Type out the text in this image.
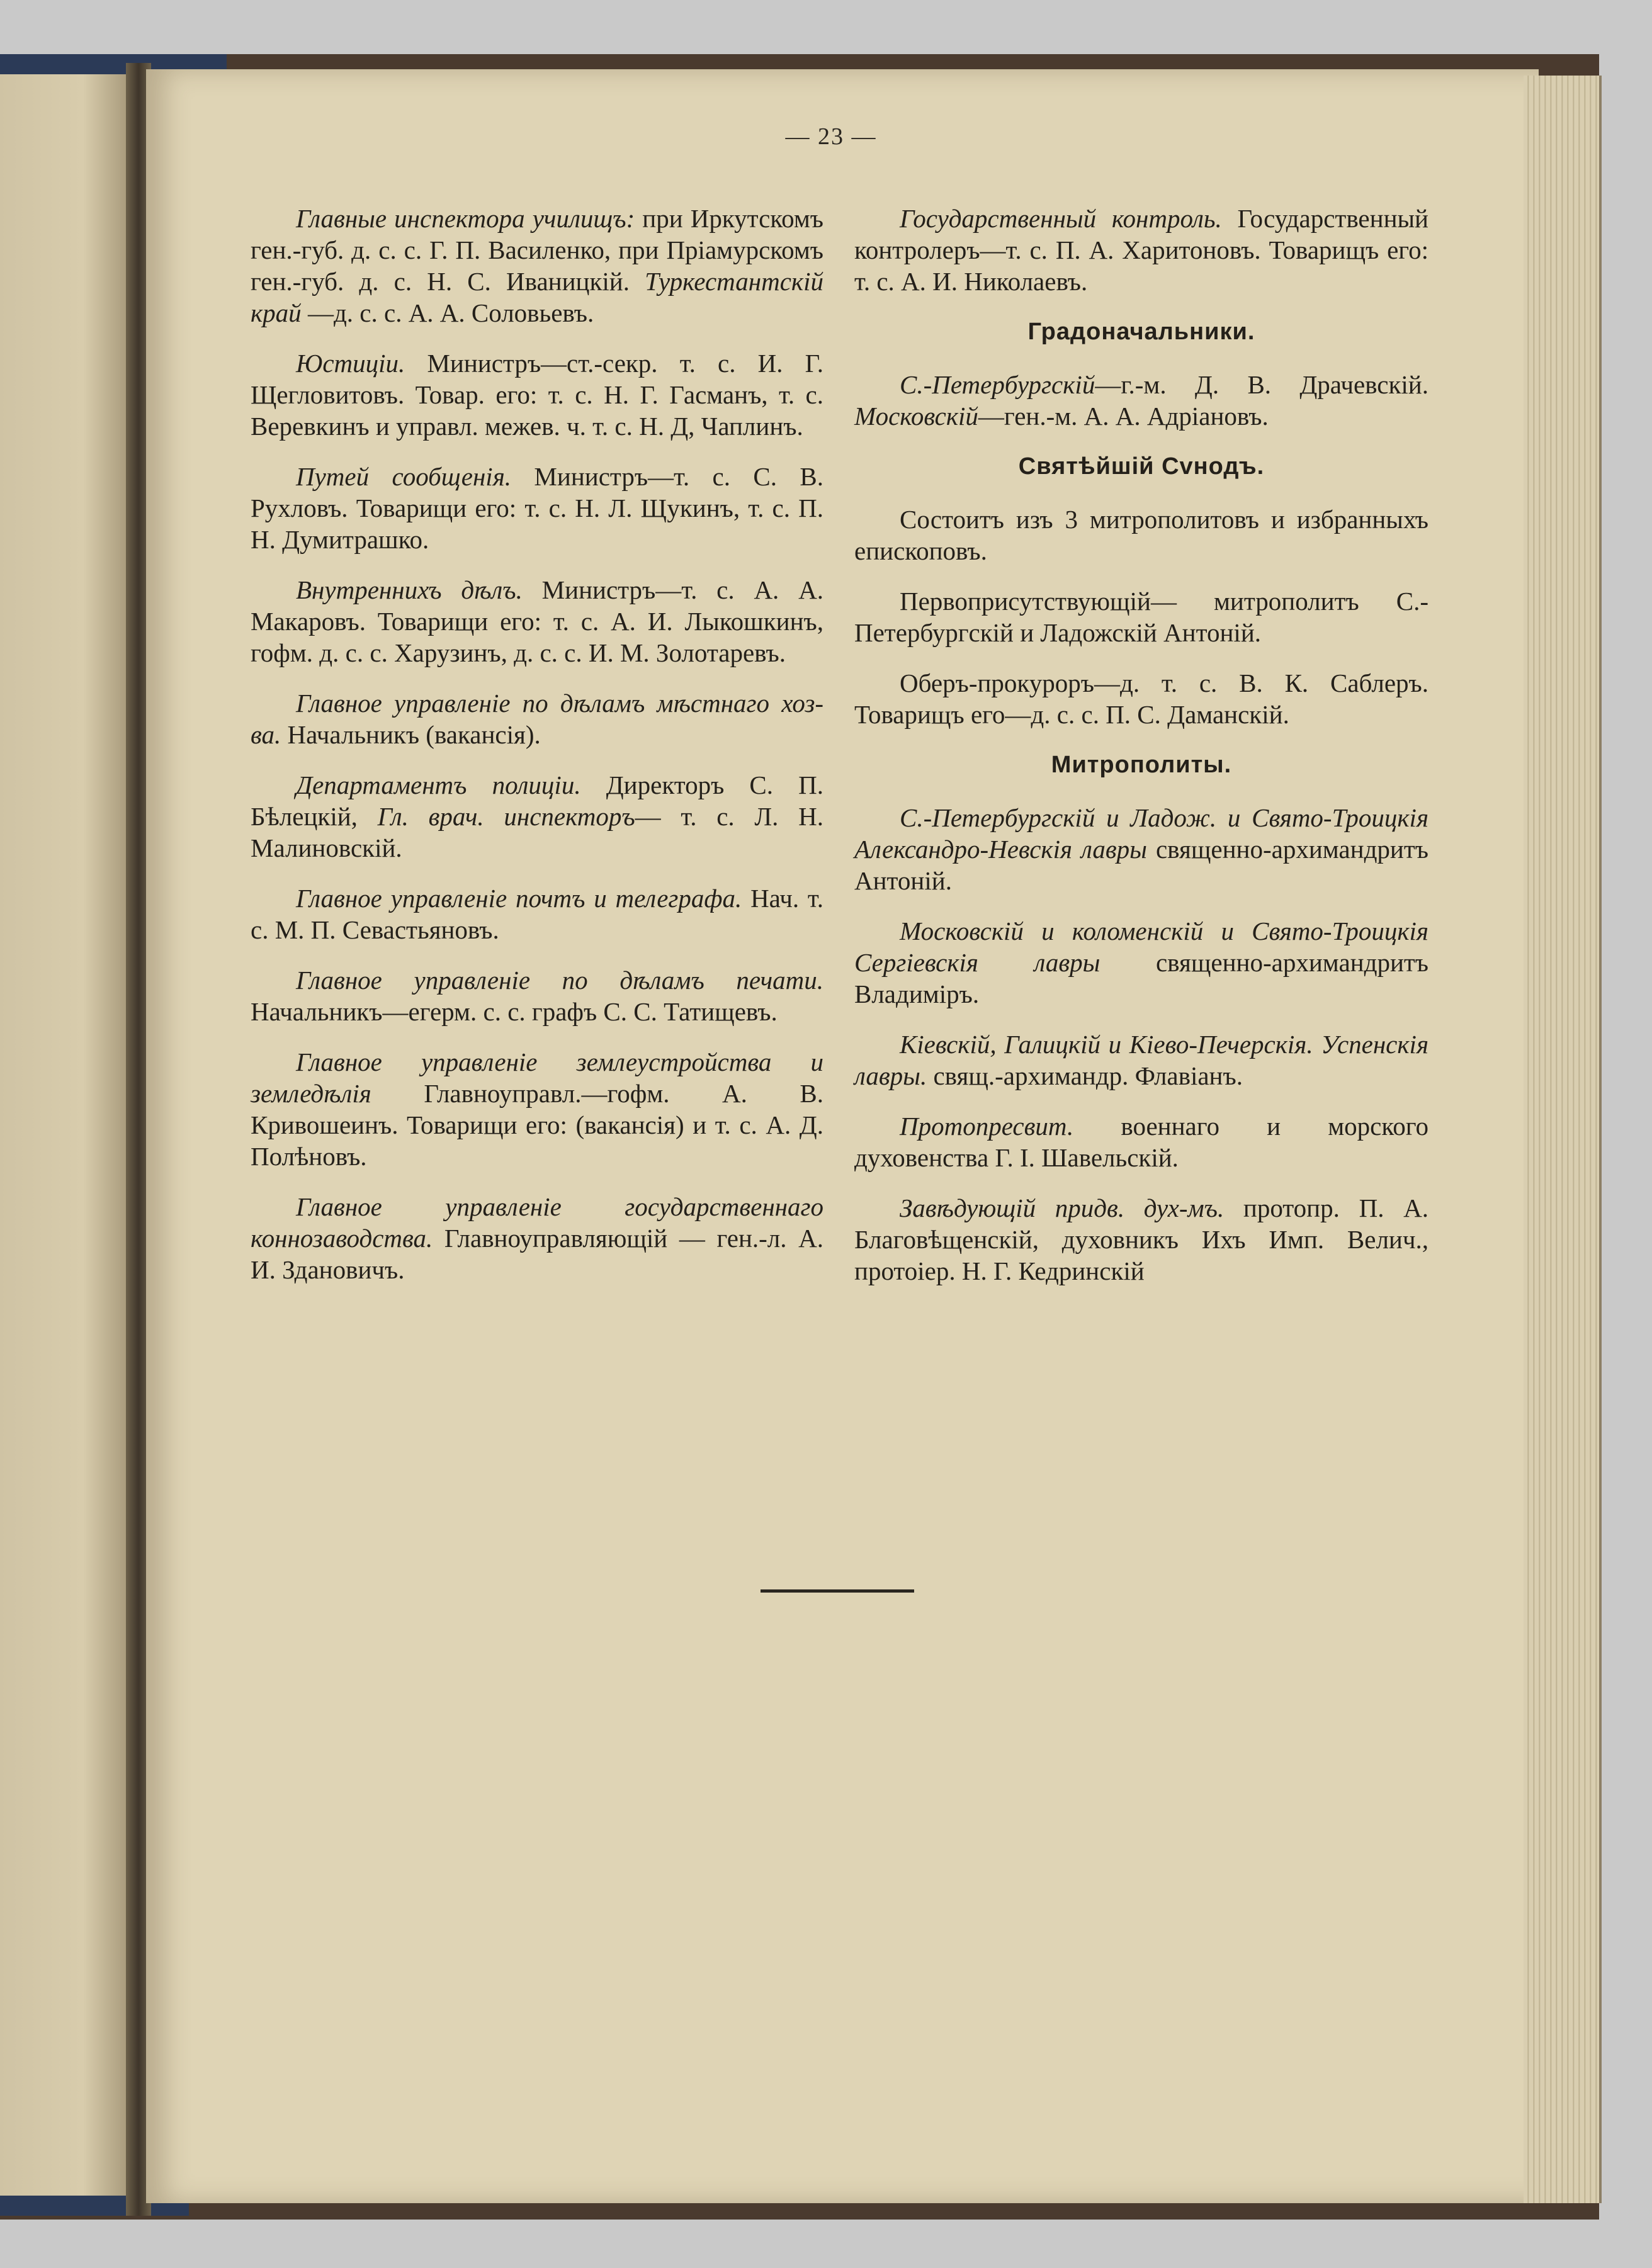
— 23 —

Главные инспектора училищъ: при Иркутскомъ ген.-губ. д. с. с. Г. П. Василенко, при Пріамурскомъ ген.-губ. д. с. Н. С. Иваницкій. Туркестантскій край —д. с. с. А. А. Соловьевъ.

Юстиціи. Министръ—ст.-секр. т. с. И. Г. Щегловитовъ. Товар. его: т. с. Н. Г. Гасманъ, т. с. Веревкинъ и управл. межев. ч. т. с. Н. Д, Чаплинъ.

Путей сообщенія. Министръ—т. с. С. В. Рухловъ. Товарищи его: т. с. Н. Л. Щукинъ, т. с. П. Н. Думитрашко.

Внутреннихъ дѣлъ. Министръ—т. с. А. А. Макаровъ. Товарищи его: т. с. А. И. Лыкошкинъ, гофм. д. с. с. Харузинъ, д. с. с. И. М. Золотаревъ.

Главное управленіе по дѣламъ мѣстнаго хоз-ва. Начальникъ (вакансія).

Департаментъ полиціи. Директоръ С. П. Бѣлецкій, Гл. врач. инспекторъ— т. с. Л. Н. Малиновскій.

Главное управленіе почтъ и телеграфа. Нач. т. с. М. П. Севастьяновъ.

Главное управленіе по дѣламъ печати. Начальникъ—егерм. с. с. графъ С. С. Татищевъ.

Главное управленіе землеустройства и земледѣлія Главноуправл.—гофм. А. В. Кривошеинъ. Товарищи его: (вакансія) и т. с. А. Д. Полѣновъ.

Главное управленіе государственнаго коннозаводства. Главноуправляющій — ген.-л. А. И. Здановичъ.

Государственный контроль. Государственный контролеръ—т. с. П. А. Харитоновъ. Товарищъ его: т. с. А. И. Николаевъ.

Градоначальники.

С.-Петербургскій—г.-м. Д. В. Драчевскій. Московскій—ген.-м. А. А. Адріановъ.

Святѣйшій Сvнодъ.

Состоитъ изъ 3 митрополитовъ и избранныхъ епископовъ.

Первоприсутствующій— митрополитъ С.-Петербургскій и Ладожскій Антоній.

Оберъ-прокуроръ—д. т. с. В. К. Саблеръ. Товарищъ его—д. с. с. П. С. Даманскій.

Митрополиты.

С.-Петербургскій и Ладож. и Свято-Троицкія Александро-Невскія лавры священно-архимандритъ Антоній.

Московскій и коломенскій и Свято-Троицкія Сергіевскія лавры священно-архимандритъ Владиміръ.

Кіевскій, Галицкій и Кіево-Печерскія. Успенскія лавры. свящ.-архимандр. Флавіанъ.

Протопресвит. военнаго и морского духовенства Г. І. Шавельскій.

Завѣдующій придв. дух-мъ. протопр. П. А. Благовѣщенскій, духовникъ Ихъ Имп. Велич., протоіер. Н. Г. Кедринскій
